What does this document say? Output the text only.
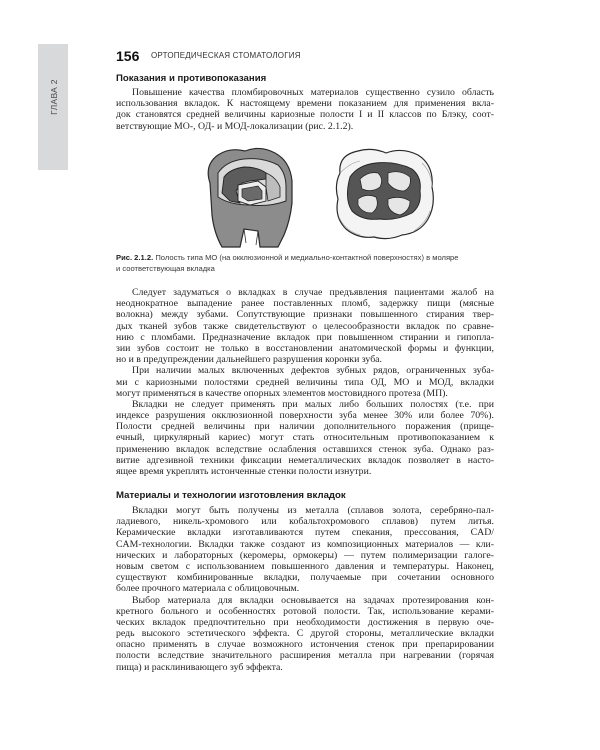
ГЛАВА 2
156 ОРТОПЕДИЧЕСКАЯ СТОМАТОЛОГИЯ
Показания и противопоказания
Повышение качества пломбировочных материалов существенно сузило область
использования вкладок. К настоящему времени показанием для применения вкла-
док становятся средней величины кариозные полости I и II классов по Блэку, соот-
ветствующие МО-, ОД- и МОД-локализации (рис. 2.1.2).
Рис. 2.1.2. Полость типа МО (на окклюзионной и медиально-контактной поверхностях) в моляре
и соответствующая вкладка
Следует задуматься о вкладках в случае предъявления пациентами жалоб на
неоднократное выпадение ранее поставленных пломб, задержку пищи (мясные
волокна) между зубами. Сопутствующие признаки повышенного стирания твер-
дых тканей зубов также свидетельствуют о целесообразности вкладок по сравне-
нию с пломбами. Предназначение вкладок при повышенном стирании и гипопла-
зии зубов состоит не только в восстановлении анатомической формы и функции,
но и в предупреждении дальнейшего разрушения коронки зуба.
При наличии малых включенных дефектов зубных рядов, ограниченных зуба-
ми с кариозными полостями средней величины типа ОД, МО и МОД, вкладки
могут применяться в качестве опорных элементов мостовидного протеза (МП).
Вкладки не следует применять при малых либо больших полостях (т.е. при
индексе разрушения окклюзионной поверхности зуба менее 30% или более 70%).
Полости средней величины при наличии дополнительного поражения (прище-
ечный, циркулярный кариес) могут стать относительным противопоказанием к
применению вкладок вследствие ослабления оставшихся стенок зуба. Однако раз-
витие адгезивной техники фиксации неметаллических вкладок позволяет в насто-
ящее время укреплять истонченные стенки полости изнутри.
Материалы и технологии изготовления вкладок
Вкладки могут быть получены из металла (сплавов золота, серебряно-пал-
ладиевого, никель-хромового или кобальтохромового сплавов) путем литья.
Керамические вкладки изготавливаются путем спекания, прессования, CAD/
CAM-технологии. Вкладки также создают из композиционных материалов — кли-
нических и лабораторных (керомеры, ормокеры) — путем полимеризации галоге-
новым светом с использованием повышенного давления и температуры. Наконец,
существуют комбинированные вкладки, получаемые при сочетании основного
более прочного материала с облицовочным.
Выбор материала для вкладки основывается на задачах протезирования кон-
кретного больного и особенностях ротовой полости. Так, использование керами-
ческих вкладок предпочтительно при необходимости достижения в первую оче-
редь высокого эстетического эффекта. С другой стороны, металлические вкладки
опасно применять в случае возможного истончения стенок при препарировании
полости вследствие значительного расширения металла при нагревании (горячая
пища) и расклинивающего зуб эффекта.
